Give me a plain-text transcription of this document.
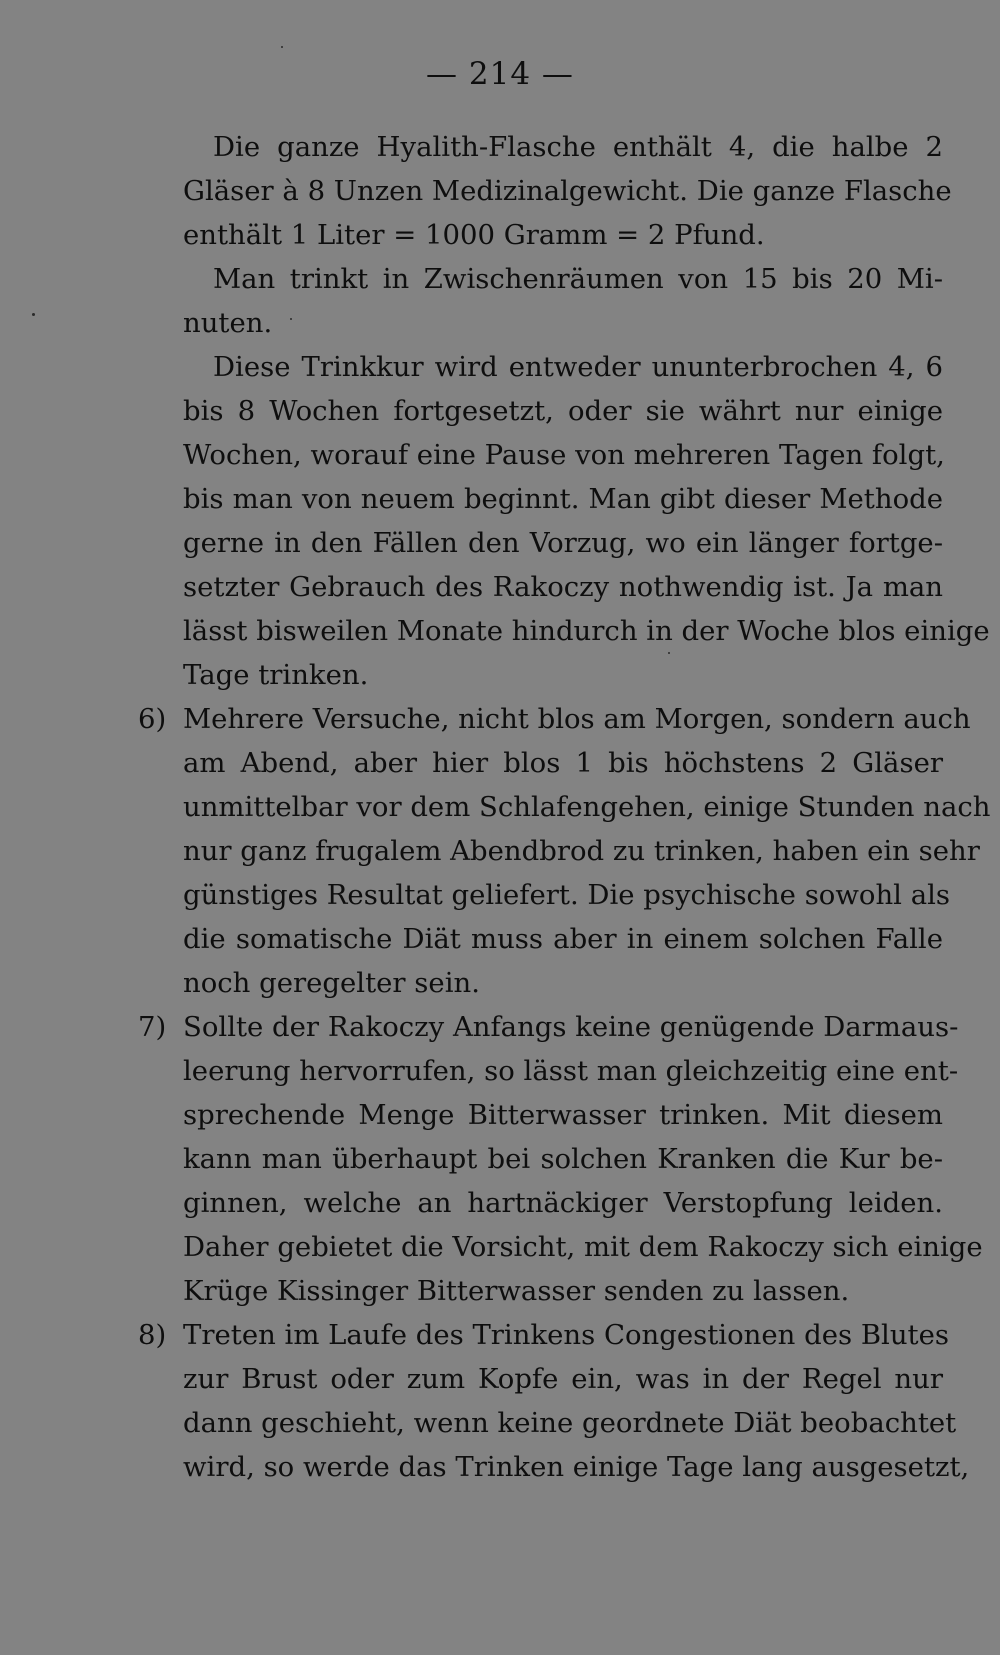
— 214 —
Die ganze Hyalith-Flasche enthält 4, die halbe 2
Gläser à 8 Unzen Medizinalgewicht. Die ganze Flasche
enthält 1 Liter = 1000 Gramm = 2 Pfund.
Man trinkt in Zwischenräumen von 15 bis 20 Mi-
nuten.
Diese Trinkkur wird entweder ununterbrochen 4, 6
bis 8 Wochen fortgesetzt, oder sie währt nur einige
Wochen, worauf eine Pause von mehreren Tagen folgt,
bis man von neuem beginnt. Man gibt dieser Methode
gerne in den Fällen den Vorzug, wo ein länger fortge-
setzter Gebrauch des Rakoczy nothwendig ist. Ja man
lässt bisweilen Monate hindurch in der Woche blos einige
Tage trinken.
6) Mehrere Versuche, nicht blos am Morgen, sondern auch
am Abend, aber hier blos 1 bis höchstens 2 Gläser
unmittelbar vor dem Schlafengehen, einige Stunden nach
nur ganz frugalem Abendbrod zu trinken, haben ein sehr
günstiges Resultat geliefert. Die psychische sowohl als
die somatische Diät muss aber in einem solchen Falle
noch geregelter sein.
7) Sollte der Rakoczy Anfangs keine genügende Darmaus-
leerung hervorrufen, so lässt man gleichzeitig eine ent-
sprechende Menge Bitterwasser trinken. Mit diesem
kann man überhaupt bei solchen Kranken die Kur be-
ginnen, welche an hartnäckiger Verstopfung leiden.
Daher gebietet die Vorsicht, mit dem Rakoczy sich einige
Krüge Kissinger Bitterwasser senden zu lassen.
8) Treten im Laufe des Trinkens Congestionen des Blutes
zur Brust oder zum Kopfe ein, was in der Regel nur
dann geschieht, wenn keine geordnete Diät beobachtet
wird, so werde das Trinken einige Tage lang ausgesetzt,
